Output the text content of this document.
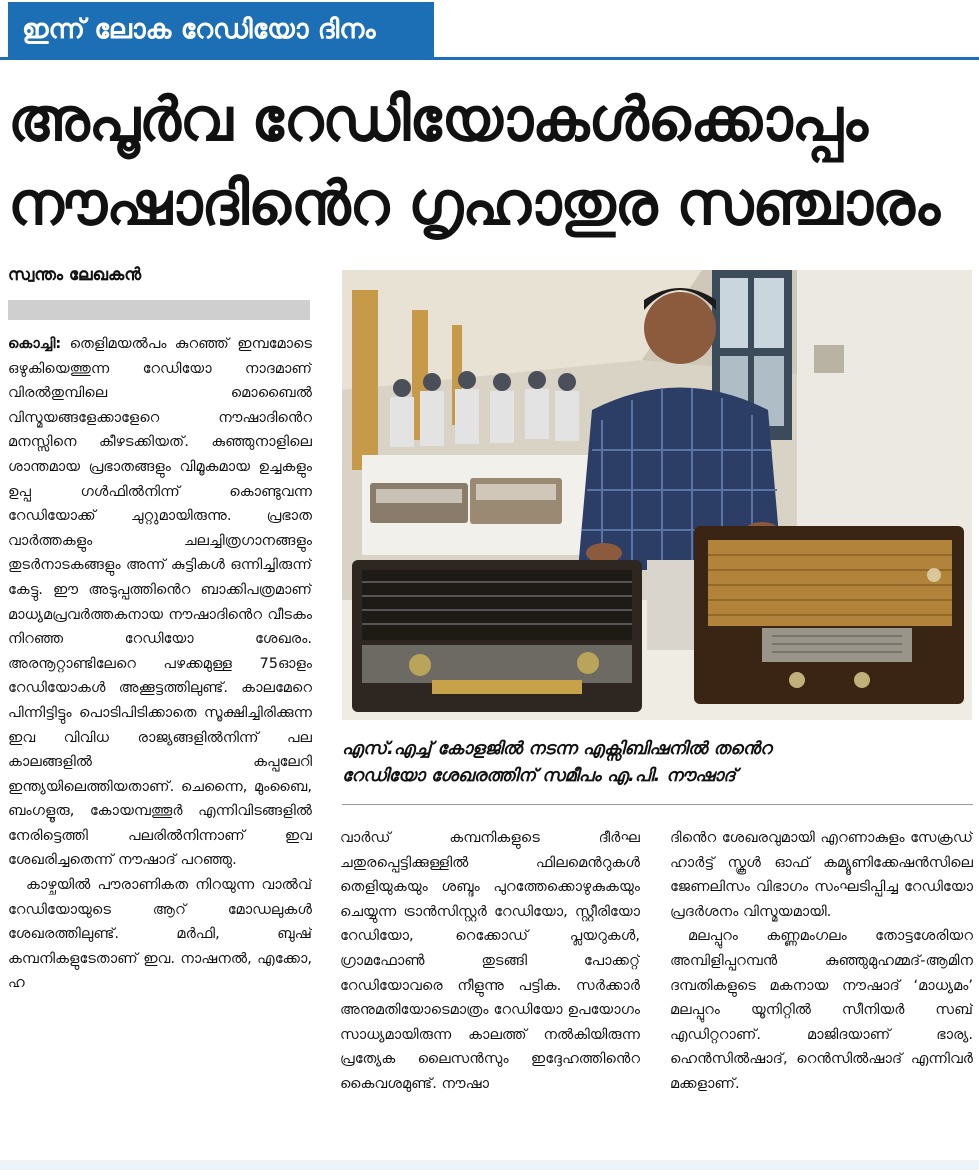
ഇന്ന് ലോക റേഡിയോ ദിനം
അപൂർവ റേഡിയോകൾക്കൊപ്പം
നൗഷാദിൻെറ ഗൃഹാതുര സഞ്ചാരം
സ്വന്തം ലേഖകൻ

കൊച്ചി: തെളിമയൽപം കുറഞ്ഞ് ഇമ്പമോടെ ഒഴുകിയെത്തുന്ന റേഡിയോ നാദമാണ് വിരൽതുമ്പിലെ മൊബൈൽ വിസ്മയങ്ങളേക്കാളേറെ നൗഷാദിൻെറ മനസ്സിനെ കീഴടക്കിയത്. കുഞ്ഞുനാളിലെ ശാന്തമായ പ്രഭാതങ്ങളും വിമൂകമായ ഉച്ചകളും ഉപ്പ ഗൾഫിൽനിന്ന് കൊണ്ടുവന്ന റേഡിയോക്ക് ചുറ്റുമായിരുന്നു. പ്രഭാത വാർത്തകളും ചലച്ചിത്രഗാനങ്ങളും തുടർനാടകങ്ങളും അന്ന് കുട്ടികൾ ഒന്നിച്ചിരുന്ന് കേട്ടു. ഈ അടുപ്പത്തിൻെറ ബാക്കിപത്രമാണ് മാധ്യമപ്രവർത്തകനായ നൗഷാദിൻെറ വീടകം നിറഞ്ഞ റേഡിയോ ശേഖരം. അരനൂറ്റാണ്ടിലേറെ പഴക്കമുള്ള 75ഓളം റേഡിയോകൾ അക്കൂട്ടത്തിലുണ്ട്. കാലമേറെ പിന്നിട്ടിട്ടും പൊടിപിടിക്കാതെ സൂക്ഷിച്ചിരിക്കുന്ന ഇവ വിവിധ രാജ്യങ്ങളിൽനിന്ന് പല കാലങ്ങളിൽ കപ്പലേറി ഇന്ത്യയിലെത്തിയതാണ്. ചെന്നൈ, മുംബൈ, ബംഗളൂരു, കോയമ്പത്തൂർ എന്നിവിടങ്ങളിൽ നേരിട്ടെത്തി പലരിൽനിന്നാണ് ഇവ ശേഖരിച്ചതെന്ന് നൗഷാദ് പറഞ്ഞു.

കാഴ്ചയിൽ പൗരാണികത നിറയുന്ന വാൽവ് റേഡിയോയുടെ ആറ് മോഡലുകൾ ശേഖരത്തിലുണ്ട്. മർഫി, ബുഷ് കമ്പനികളുടേതാണ് ഇവ. നാഷനൽ, എക്കോ, ഹ

എസ്.എച്ച് കോളജിൽ നടന്ന എക്സിബിഷനിൽ തൻെറ
റേഡിയോ ശേഖരത്തിന് സമീപം എ.പി. നൗഷാദ്

വാർഡ് കമ്പനികളുടെ ദീർഘ ചതുരപ്പെട്ടിക്കുള്ളിൽ ഫിലമെൻറുകൾ തെളിയുകയും ശബ്ദം പുറത്തേക്കൊഴുകുകയും ചെയ്യുന്ന ട്രാൻസിസ്റ്റർ റേഡിയോ, സ്റ്റീരിയോ റേഡിയോ, റെക്കോഡ് പ്ലയറുകൾ, ഗ്രാമഫോൺ തുടങ്ങി പോക്കറ്റ് റേഡിയോവരെ നീളുന്നു പട്ടിക. സർക്കാർ അനുമതിയോടെമാത്രം റേഡിയോ ഉപയോഗം സാധ്യമായിരുന്ന കാലത്ത് നൽകിയിരുന്ന പ്രത്യേക ലൈസൻസും ഇദ്ദേഹത്തിൻെറ കൈവശമുണ്ട്. നൗഷാ

ദിൻെറ ശേഖരവുമായി എറണാകുളം സേക്രഡ് ഹാർട്ട് സ്കൂൾ ഓഫ് കമ്യൂണിക്കേഷൻസിലെ ജേണലിസം വിഭാഗം സംഘടിപ്പിച്ച റേഡിയോ പ്രദർശനം വിസ്മയമായി.

മലപ്പുറം കണ്ണമംഗലം തോട്ടശേരിയറ അമ്പിളിപ്പറമ്പൻ കുഞ്ഞുമുഹമ്മദ്-ആമിന ദമ്പതികളുടെ മകനായ നൗഷാദ് ‘മാധ്യമം’ മലപ്പുറം യൂനിറ്റിൽ സീനിയർ സബ് എഡിറ്ററാണ്. മാജിദയാണ് ഭാര്യ. ഹെൻസിൽഷാദ്, റെൻസിൽഷാദ് എന്നിവർ മക്കളാണ്.
